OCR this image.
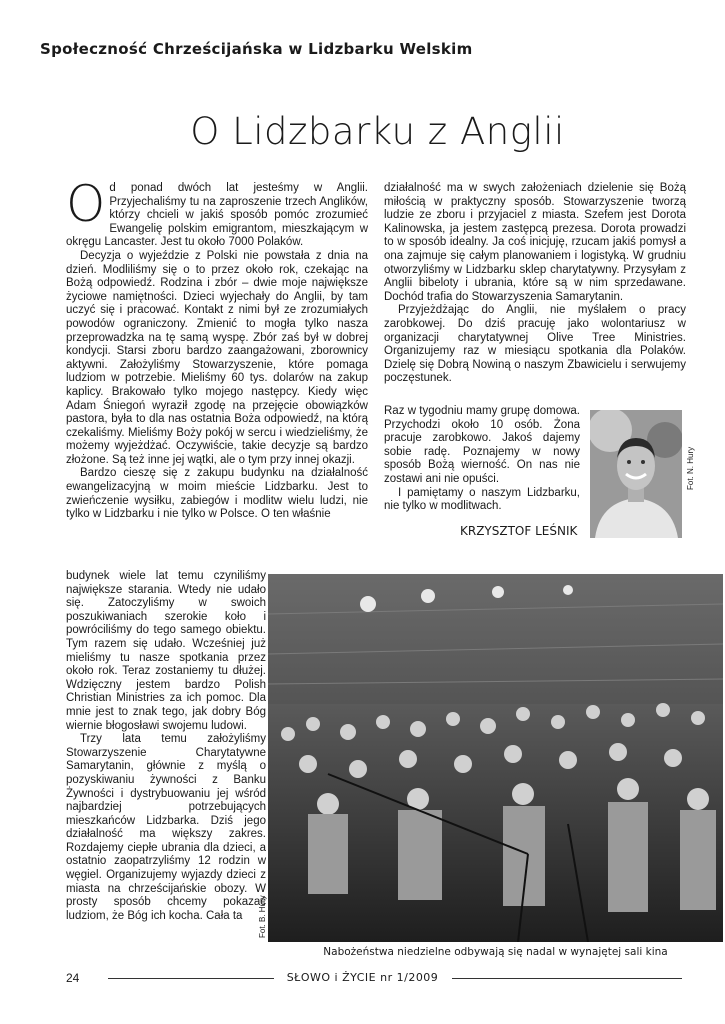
Społeczność Chrześcijańska w Lidzbarku Welskim
O Lidzbarku z Anglii

Od ponad dwóch lat jesteśmy w Anglii. Przyjechaliśmy tu na zaproszenie trzech Anglików, którzy chcieli w jakiś sposób pomóc zrozumieć Ewangelię polskim emigrantom, mieszkającym w okręgu Lancaster. Jest tu około 7000 Polaków.

Decyzja o wyjeździe z Polski nie powstała z dnia na dzień. Modliliśmy się o to przez około rok, czekając na Bożą odpowiedź. Rodzina i zbór – dwie moje największe życiowe namiętności. Dzieci wyjechały do Anglii, by tam uczyć się i pracować. Kontakt z nimi był ze zrozumiałych powodów ograniczony. Zmienić to mogła tylko nasza przeprowadzka na tę samą wyspę. Zbór zaś był w dobrej kondycji. Starsi zboru bardzo zaangażowani, zborownicy aktywni. Założyliśmy Stowarzyszenie, które pomaga ludziom w potrzebie. Mieliśmy 60 tys. dolarów na zakup kaplicy. Brakowało tylko mojego następcy. Kiedy więc Adam Śniegoń wyraził zgodę na przejęcie obowiązków pastora, była to dla nas ostatnia Boża odpowiedź, na którą czekaliśmy. Mieliśmy Boży pokój w sercu i wiedzieliśmy, że możemy wyjeżdżać. Oczywiście, takie decyzje są bardzo złożone. Są też inne jej wątki, ale o tym przy innej okazji.

Bardzo cieszę się z zakupu budynku na działalność ewangelizacyjną w moim mieście Lidzbarku. Jest to zwieńczenie wysiłku, zabiegów i modlitw wielu ludzi, nie tylko w Lidzbarku i nie tylko w Polsce. O ten właśnie

budynek wiele lat temu czyniliśmy największe starania. Wtedy nie udało się. Zatoczyliśmy w swoich poszukiwaniach szerokie koło i powróciliśmy do tego samego obiektu. Tym razem się udało. Wcześniej już mieliśmy tu nasze spotkania przez około rok. Teraz zostaniemy tu dłużej. Wdzięczny jestem bardzo Polish Christian Ministries za ich pomoc. Dla mnie jest to znak tego, jak dobry Bóg wiernie błogosławi swojemu ludowi.

Trzy lata temu założyliśmy Stowarzyszenie Charytatywne Samarytanin, głównie z myślą o pozyskiwaniu żywności z Banku Żywności i dystrybuowaniu jej wśród najbardziej potrzebujących mieszkańców Lidzbarka. Dziś jego działalność ma większy zakres. Rozdajemy ciepłe ubrania dla dzieci, a ostatnio zaopatrzyliśmy 12 rodzin w węgiel. Organizujemy wyjazdy dzieci z miasta na chrześcijańskie obozy. W prosty sposób chcemy pokazać ludziom, że Bóg ich kocha. Cała ta

działalność ma w swych założeniach dzielenie się Bożą miłością w praktyczny sposób. Stowarzyszenie tworzą ludzie ze zboru i przyjaciel z miasta. Szefem jest Dorota Kalinowska, ja jestem zastępcą prezesa. Dorota prowadzi to w sposób idealny. Ja coś inicjuję, rzucam jakiś pomysł a ona zajmuje się całym planowaniem i logistyką. W grudniu otworzyliśmy w Lidzbarku sklep charytatywny. Przysyłam z Anglii bibeloty i ubrania, które są w nim sprzedawane. Dochód trafia do Stowarzyszenia Samarytanin.

Przyjeżdżając do Anglii, nie myślałem o pracy zarobkowej. Do dziś pracuję jako wolontariusz w organizacji charytatywnej Olive Tree Ministries. Organizujemy raz w miesiącu spotkania dla Polaków. Dzielę się Dobrą Nowiną o naszym Zbawicielu i serwujemy poczęstunek.

Raz w tygodniu mamy grupę domowa. Przychodzi około 10 osób. Żona pracuje zarobkowo. Jakoś dajemy sobie radę. Poznajemy w nowy sposób Bożą wierność. On nas nie zostawi ani nie opuści.

I pamiętamy o naszym Lidzbarku, nie tylko w modlitwach.

KRZYSZTOF LEŚNIK
Fot. N. Hury
Fot. B. Hury
Nabożeństwa niedzielne odbywają się nadal w wynajętej sali kina
24	SŁOWO i ŻYCIE nr 1/2009
